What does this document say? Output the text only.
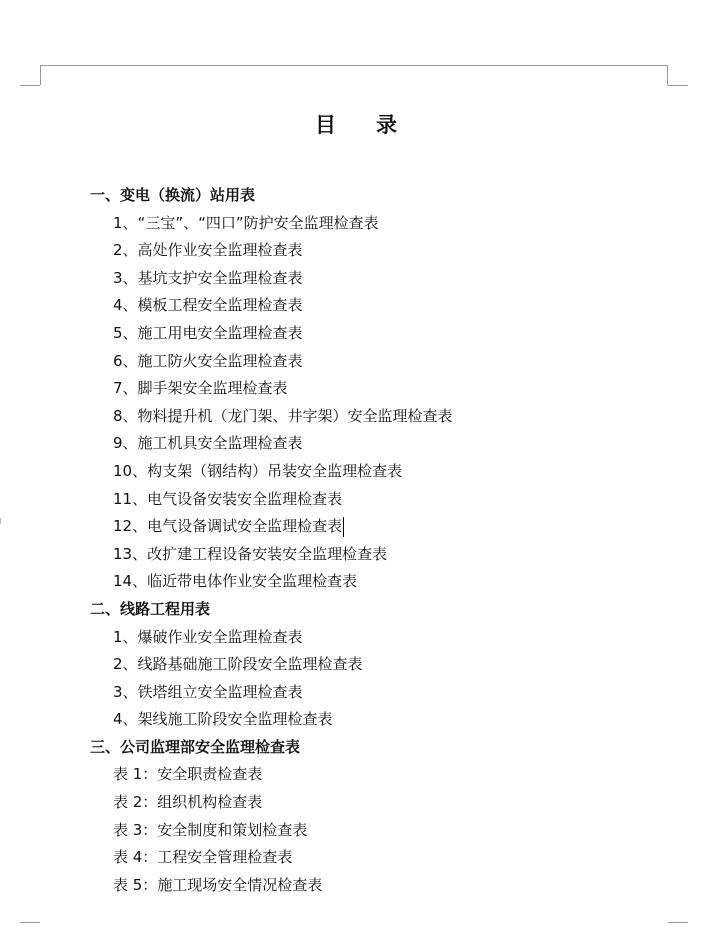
目 录
一、变电（换流）站用表
1、“三宝”、“四口”防护安全监理检查表
2、高处作业安全监理检查表
3、基坑支护安全监理检查表
4、模板工程安全监理检查表
5、施工用电安全监理检查表
6、施工防火安全监理检查表
7、脚手架安全监理检查表
8、物料提升机（龙门架、井字架）安全监理检查表
9、施工机具安全监理检查表
10、构支架（钢结构）吊装安全监理检查表
11、电气设备安装安全监理检查表
12、电气设备调试安全监理检查表
13、改扩建工程设备安装安全监理检查表
14、临近带电体作业安全监理检查表
二、线路工程用表
1、爆破作业安全监理检查表
2、线路基础施工阶段安全监理检查表
3、铁塔组立安全监理检查表
4、架线施工阶段安全监理检查表
三、公司监理部安全监理检查表
表 1：安全职责检查表
表 2：组织机构检查表
表 3：安全制度和策划检查表
表 4：工程安全管理检查表
表 5：施工现场安全情况检查表
